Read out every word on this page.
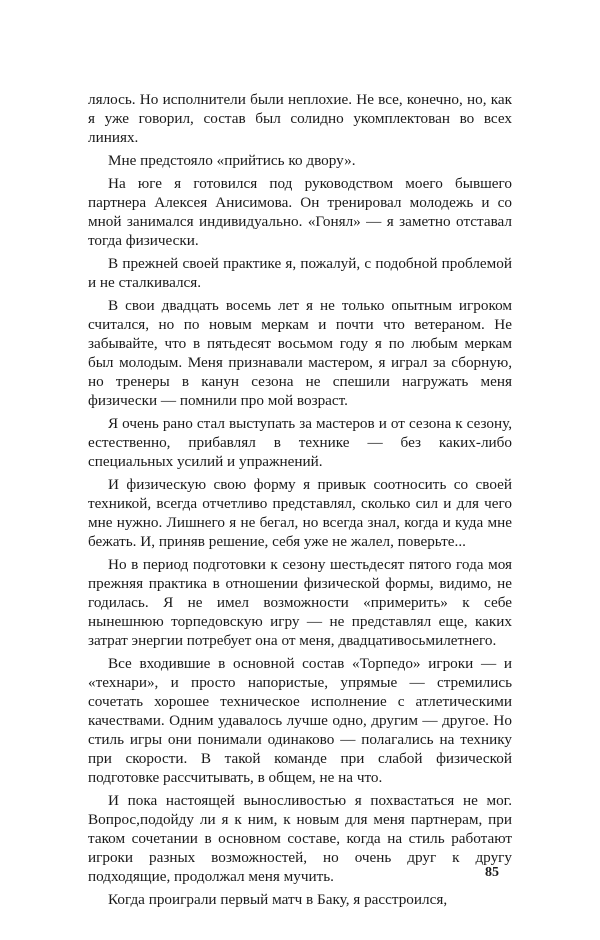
лялось. Но исполнители были неплохие. Не все, конечно, но, как я уже говорил, состав был солидно укомплектован во всех линиях.

Мне предстояло «прийтись ко двору».

На юге я готовился под руководством моего бывшего партнера Алексея Анисимова. Он тренировал молодежь и со мной занимался индивидуально. «Гонял» — я заметно отставал тогда физически.

В прежней своей практике я, пожалуй, с подобной проблемой и не сталкивался.

В свои двадцать восемь лет я не только опытным игроком считался, но по новым меркам и почти что ветераном. Не забывайте, что в пятьдесят восьмом году я по любым меркам был молодым. Меня признавали мастером, я играл за сборную, но тренеры в канун сезона не спешили нагружать меня физически — помнили про мой возраст.

Я очень рано стал выступать за мастеров и от сезона к сезону, естественно, прибавлял в технике — без каких-либо специальных усилий и упражнений.

И физическую свою форму я привык соотносить со своей техникой, всегда отчетливо представлял, сколько сил и для чего мне нужно. Лишнего я не бегал, но всегда знал, когда и куда мне бежать. И, приняв решение, себя уже не жалел, поверьте...

Но в период подготовки к сезону шестьдесят пятого года моя прежняя практика в отношении физической формы, видимо, не годилась. Я не имел возможности «примерить» к себе нынешнюю торпедовскую игру — не представлял еще, каких затрат энергии потребует она от меня, двадцативосьмилетнего.

Все входившие в основной состав «Торпедо» игроки — и «технари», и просто напористые, упрямые — стремились сочетать хорошее техническое исполнение с атлетическими качествами. Одним удавалось лучше одно, другим — другое. Но стиль игры они понимали одинаково — полагались на технику при скорости. В такой команде при слабой физической подготовке рассчитывать, в общем, не на что.

И пока настоящей выносливостью я похвастаться не мог. Вопрос,подойду ли я к ним, к новым для меня партнерам, при таком сочетании в основном составе, когда на стиль работают игроки разных возможностей, но очень друг к другу подходящие, продолжал меня мучить.

Когда проиграли первый матч в Баку, я расстроился,

85
